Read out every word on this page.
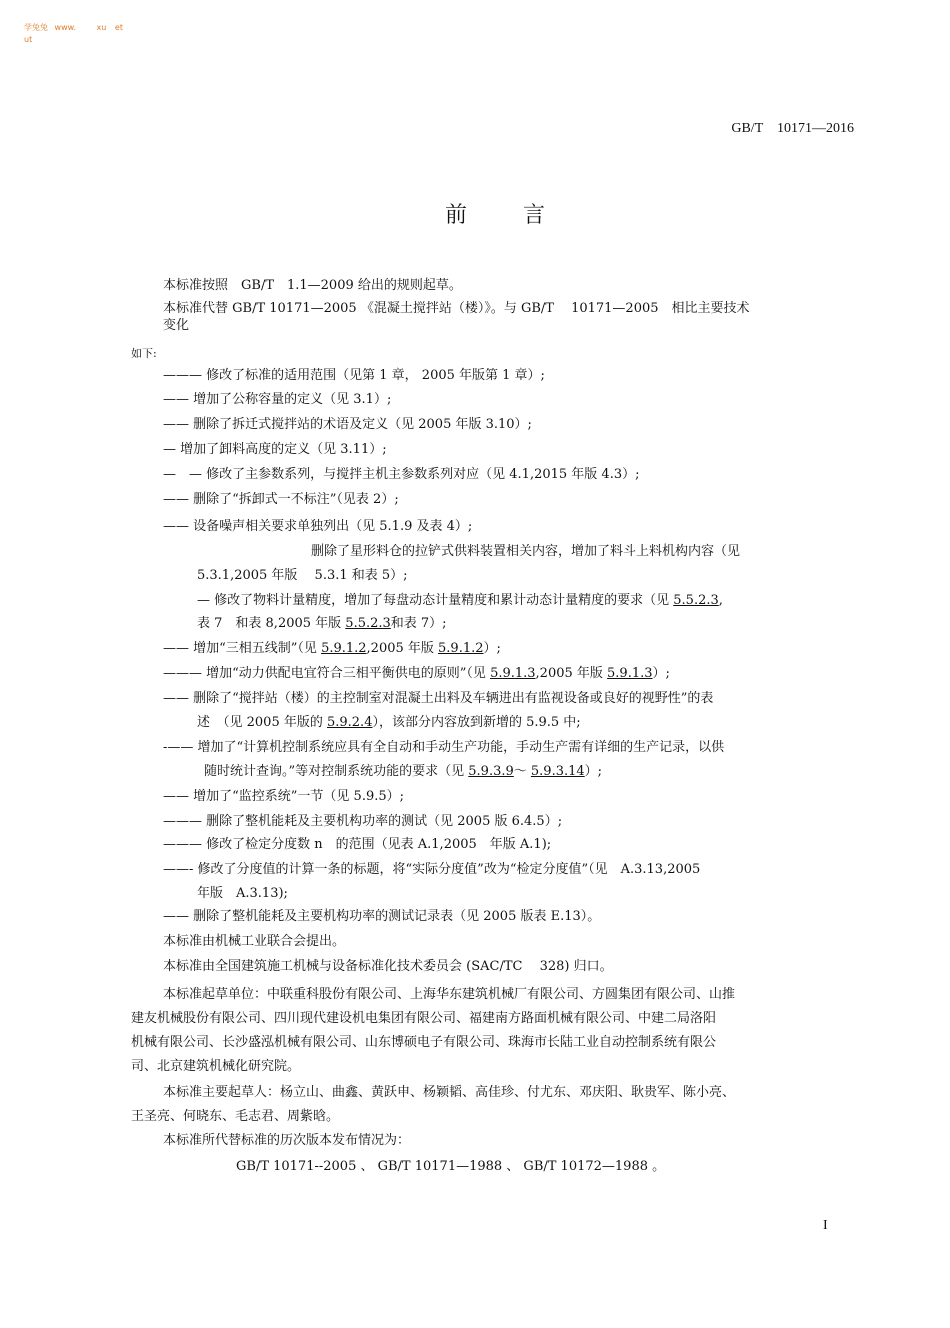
学兔兔 www.	xu et
ut
GB/T　10171—2016
前	言
本标准按照　GB/T　1.1—2009 给出的规则起草。
本标准代替 GB/T 10171—2005 《混凝土搅拌站（楼）》。与 GB/T　 10171—2005　相比主要技术
变化
如下:
——— 修改了标准的适用范围（见第 1 章， 2005 年版第 1 章）;
—— 增加了公称容量的定义（见 3.1）;
—— 删除了拆迁式搅拌站的术语及定义（见 2005 年版 3.10）;
— 增加了卸料高度的定义（见 3.11）;
—　— 修改了主参数系列，与搅拌主机主参数系列对应（见 4.1,2015 年版 4.3）;
—— 删除了“拆卸式一不标注”（见表 2）;
—— 设备噪声相关要求单独列出（见 5.1.9 及表 4）;
删除了星形料仓的拉铲式供料装置相关内容，增加了料斗上料机构内容（见
5.3.1,2005 年版　 5.3.1 和表 5）;
— 修改了物料计量精度，增加了每盘动态计量精度和累计动态计量精度的要求（见 5.5.2.3,
表 7　和表 8,2005 年版 5.5.2.3和表 7）;
—— 增加“三相五线制”（见 5.9.1.2,2005 年版 5.9.1.2）;
——— 增加“动力供配电宜符合三相平衡供电的原则”（见 5.9.1.3,2005 年版 5.9.1.3）;
—— 删除了“搅拌站（楼）的主控制室对混凝土出料及车辆进出有监视设备或良好的视野性”的表
述　（见 2005 年版的 5.9.2.4），该部分内容放到新增的 5.9.5 中;
-—— 增加了“计算机控制系统应具有全自动和手动生产功能，手动生产需有详细的生产记录，以供
随时统计查询。”等对控制系统功能的要求（见 5.9.3.9～ 5.9.3.14）;
—— 增加了“监控系统”一节（见 5.9.5）;
——— 删除了整机能耗及主要机构功率的测试（见 2005 版 6.4.5）;
——— 修改了检定分度数 n　的范围（见表 A.1,2005　年版 A.1);
——- 修改了分度值的计算一条的标题，将“实际分度值”改为“检定分度值”（见　A.3.13,2005
年版　A.3.13);
—— 删除了整机能耗及主要机构功率的测试记录表（见 2005 版表 E.13）。
本标准由机械工业联合会提出。
本标准由全国建筑施工机械与设备标准化技术委员会 (SAC/TC　 328) 归口。
本标准起草单位：中联重科股份有限公司、上海华东建筑机械厂有限公司、方圆集团有限公司、山推
建友机械股份有限公司、四川现代建设机电集团有限公司、福建南方路面机械有限公司、中建二局洛阳
机械有限公司、长沙盛泓机械有限公司、山东博硕电子有限公司、珠海市长陆工业自动控制系统有限公
司、北京建筑机械化研究院。
本标准主要起草人：杨立山、曲鑫、黄跃申、杨颖韬、高佳珍、付尤东、邓庆阳、耿贵军、陈小亮、
王圣亮、何晓东、毛志君、周紫晗。
本标准所代替标准的历次版本发布情况为：
GB/T 10171--2005 、 GB/T 10171—1988 、 GB/T 10172—1988 。
I
